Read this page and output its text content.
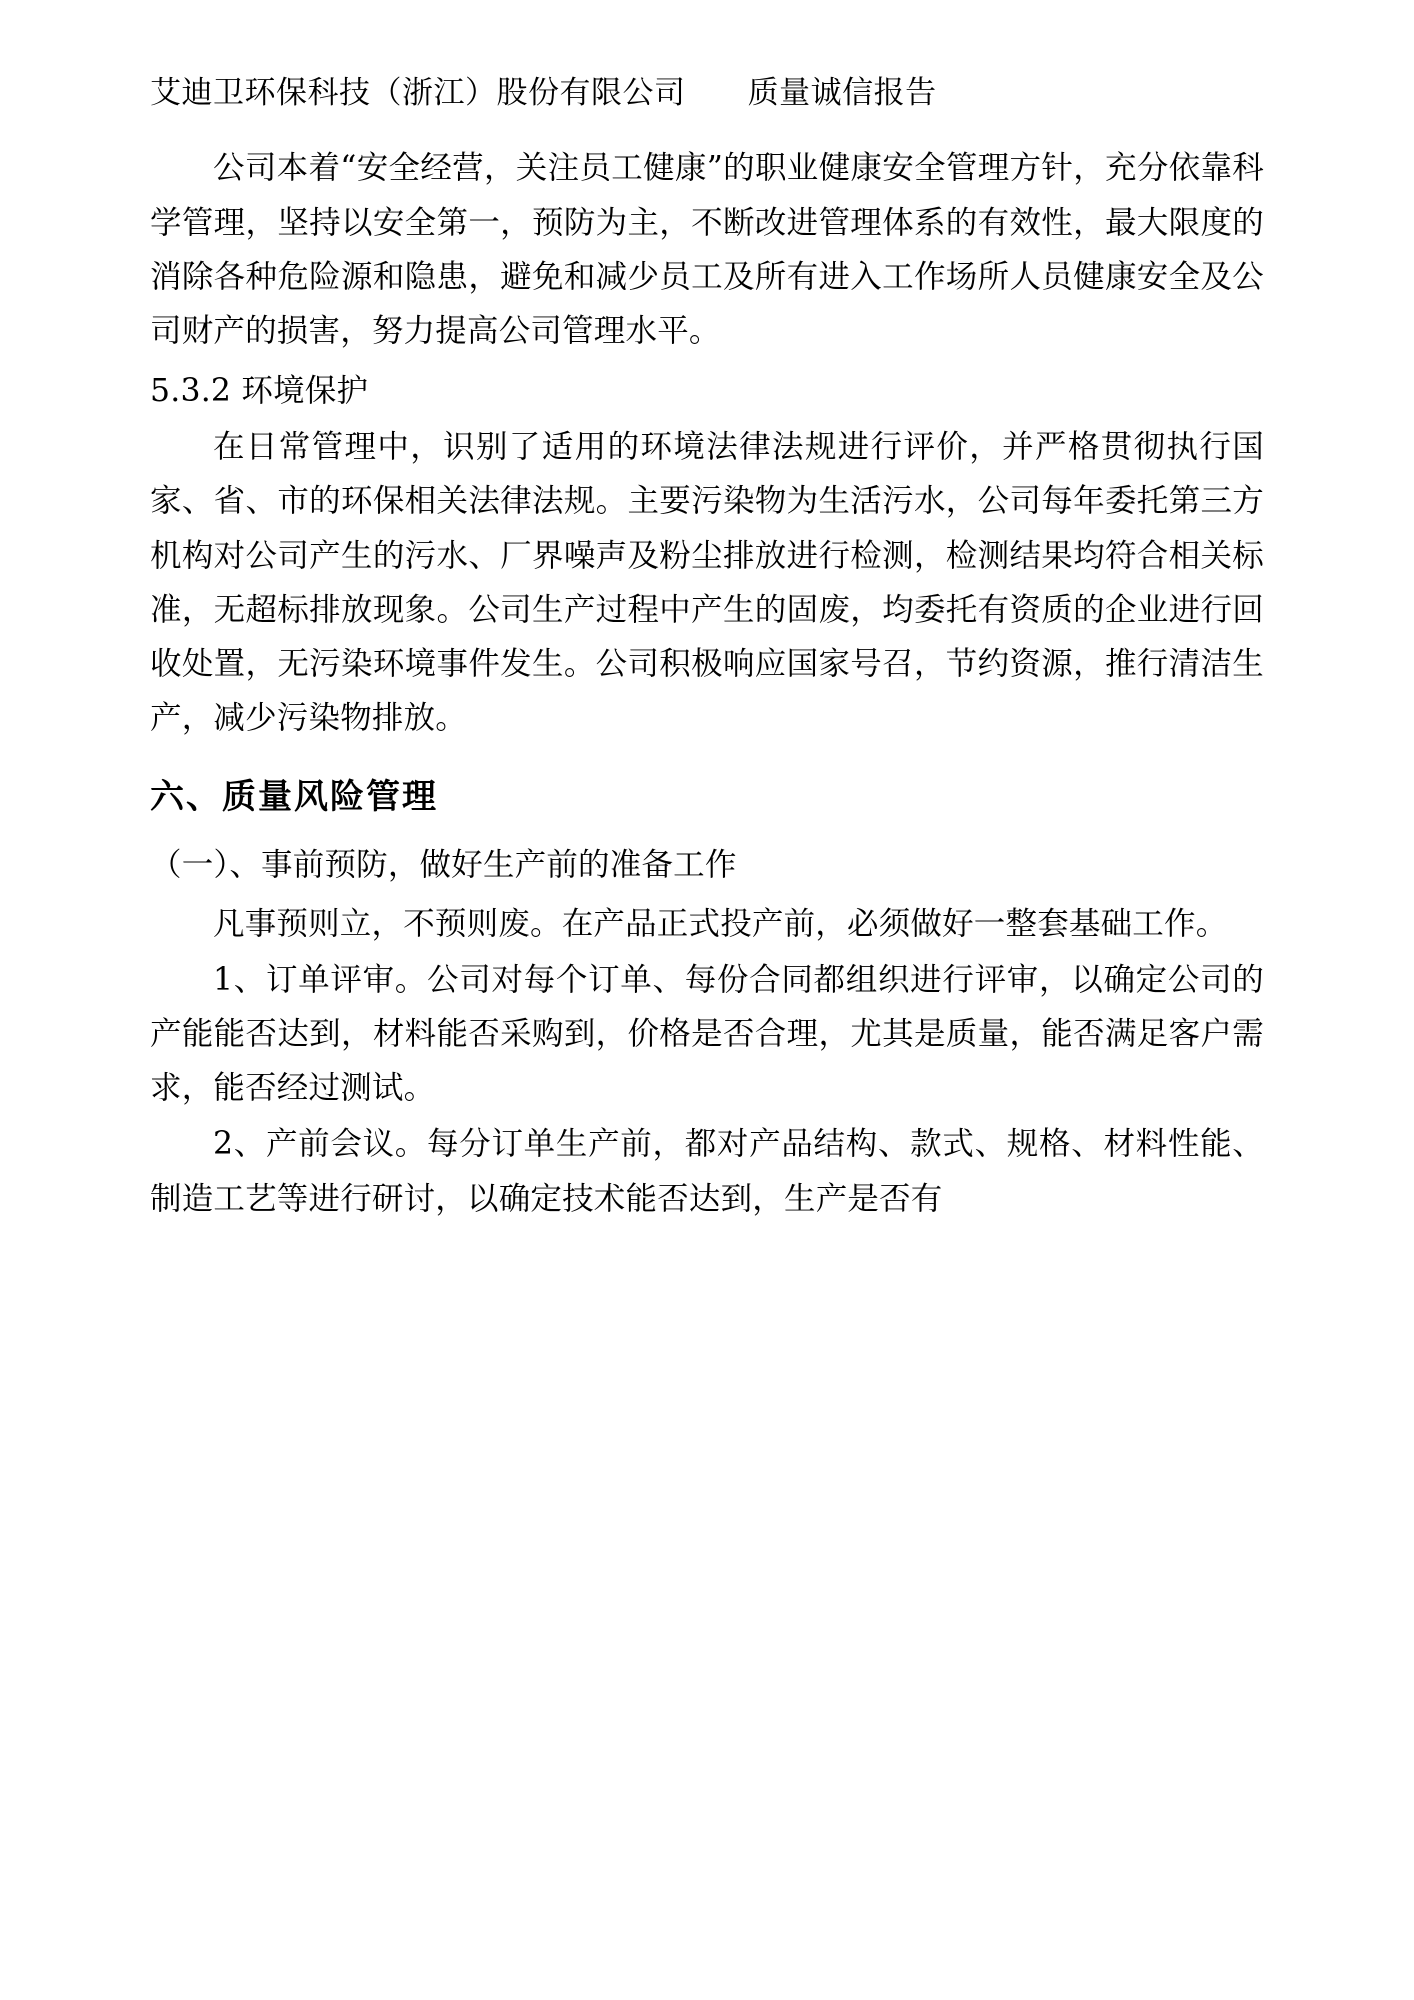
艾迪卫环保科技（浙江）股份有限公司      质量诚信报告

公司本着“安全经营，关注员工健康”的职业健康安全管理方针，充分依靠科学管理，坚持以安全第一，预防为主，不断改进管理体系的有效性，最大限度的消除各种危险源和隐患，避免和减少员工及所有进入工作场所人员健康安全及公司财产的损害，努力提高公司管理水平。

5.3.2 环境保护

在日常管理中，识别了适用的环境法律法规进行评价，并严格贯彻执行国家、省、市的环保相关法律法规。主要污染物为生活污水，公司每年委托第三方机构对公司产生的污水、厂界噪声及粉尘排放进行检测，检测结果均符合相关标准，无超标排放现象。公司生产过程中产生的固废，均委托有资质的企业进行回收处置，无污染环境事件发生。公司积极响应国家号召，节约资源，推行清洁生产，减少污染物排放。

六、质量风险管理

（一）、事前预防，做好生产前的准备工作

凡事预则立，不预则废。在产品正式投产前，必须做好一整套基础工作。

1、订单评审。公司对每个订单、每份合同都组织进行评审，以确定公司的产能能否达到，材料能否采购到，价格是否合理，尤其是质量，能否满足客户需求，能否经过测试。

2、产前会议。每分订单生产前，都对产品结构、款式、规格、材料性能、制造工艺等进行研讨，以确定技术能否达到，生产是否有
